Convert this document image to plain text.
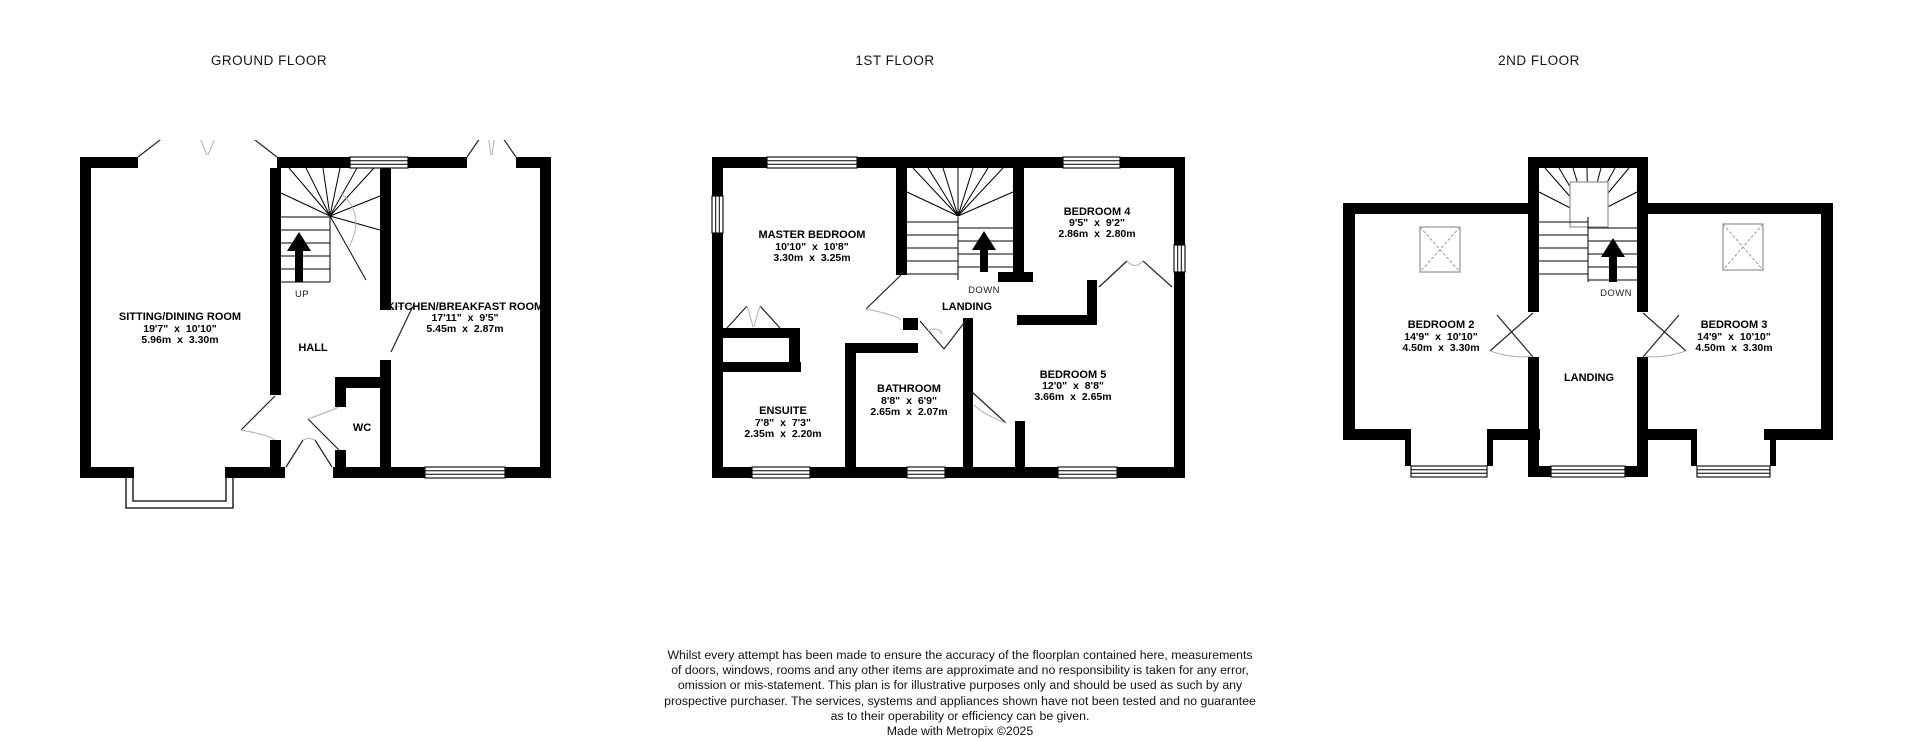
GROUND FLOOR	1ST FLOOR	2ND FLOOR
UP
SITTING/DINING ROOM
19'7" x 10'10"
5.96m x 3.30m
HALL
WC
KITCHEN/BREAKFAST ROOM
17'11" x 9'5"
5.45m x 2.87m
DOWN
MASTER BEDROOM
10'10" x 10'8"
3.30m x 3.25m
BEDROOM 4
9'5" x 9'2"
2.86m x 2.80m
BEDROOM 5
12'0" x 8'8"
3.66m x 2.65m
BATHROOM
8'8" x 6'9"
2.65m x 2.07m
ENSUITE
7'8" x 7'3"
2.35m x 2.20m
LANDING
DOWN
BEDROOM 2
14'9" x 10'10"
4.50m x 3.30m
BEDROOM 3
14'9" x 10'10"
4.50m x 3.30m
LANDING
Whilst every attempt has been made to ensure the accuracy of the floorplan contained here, measurements
of doors, windows, rooms and any other items are approximate and no responsibility is taken for any error,
omission or mis-statement. This plan is for illustrative purposes only and should be used as such by any
prospective purchaser. The services, systems and appliances shown have not been tested and no guarantee
as to their operability or efficiency can be given.
Made with Metropix ©2025
